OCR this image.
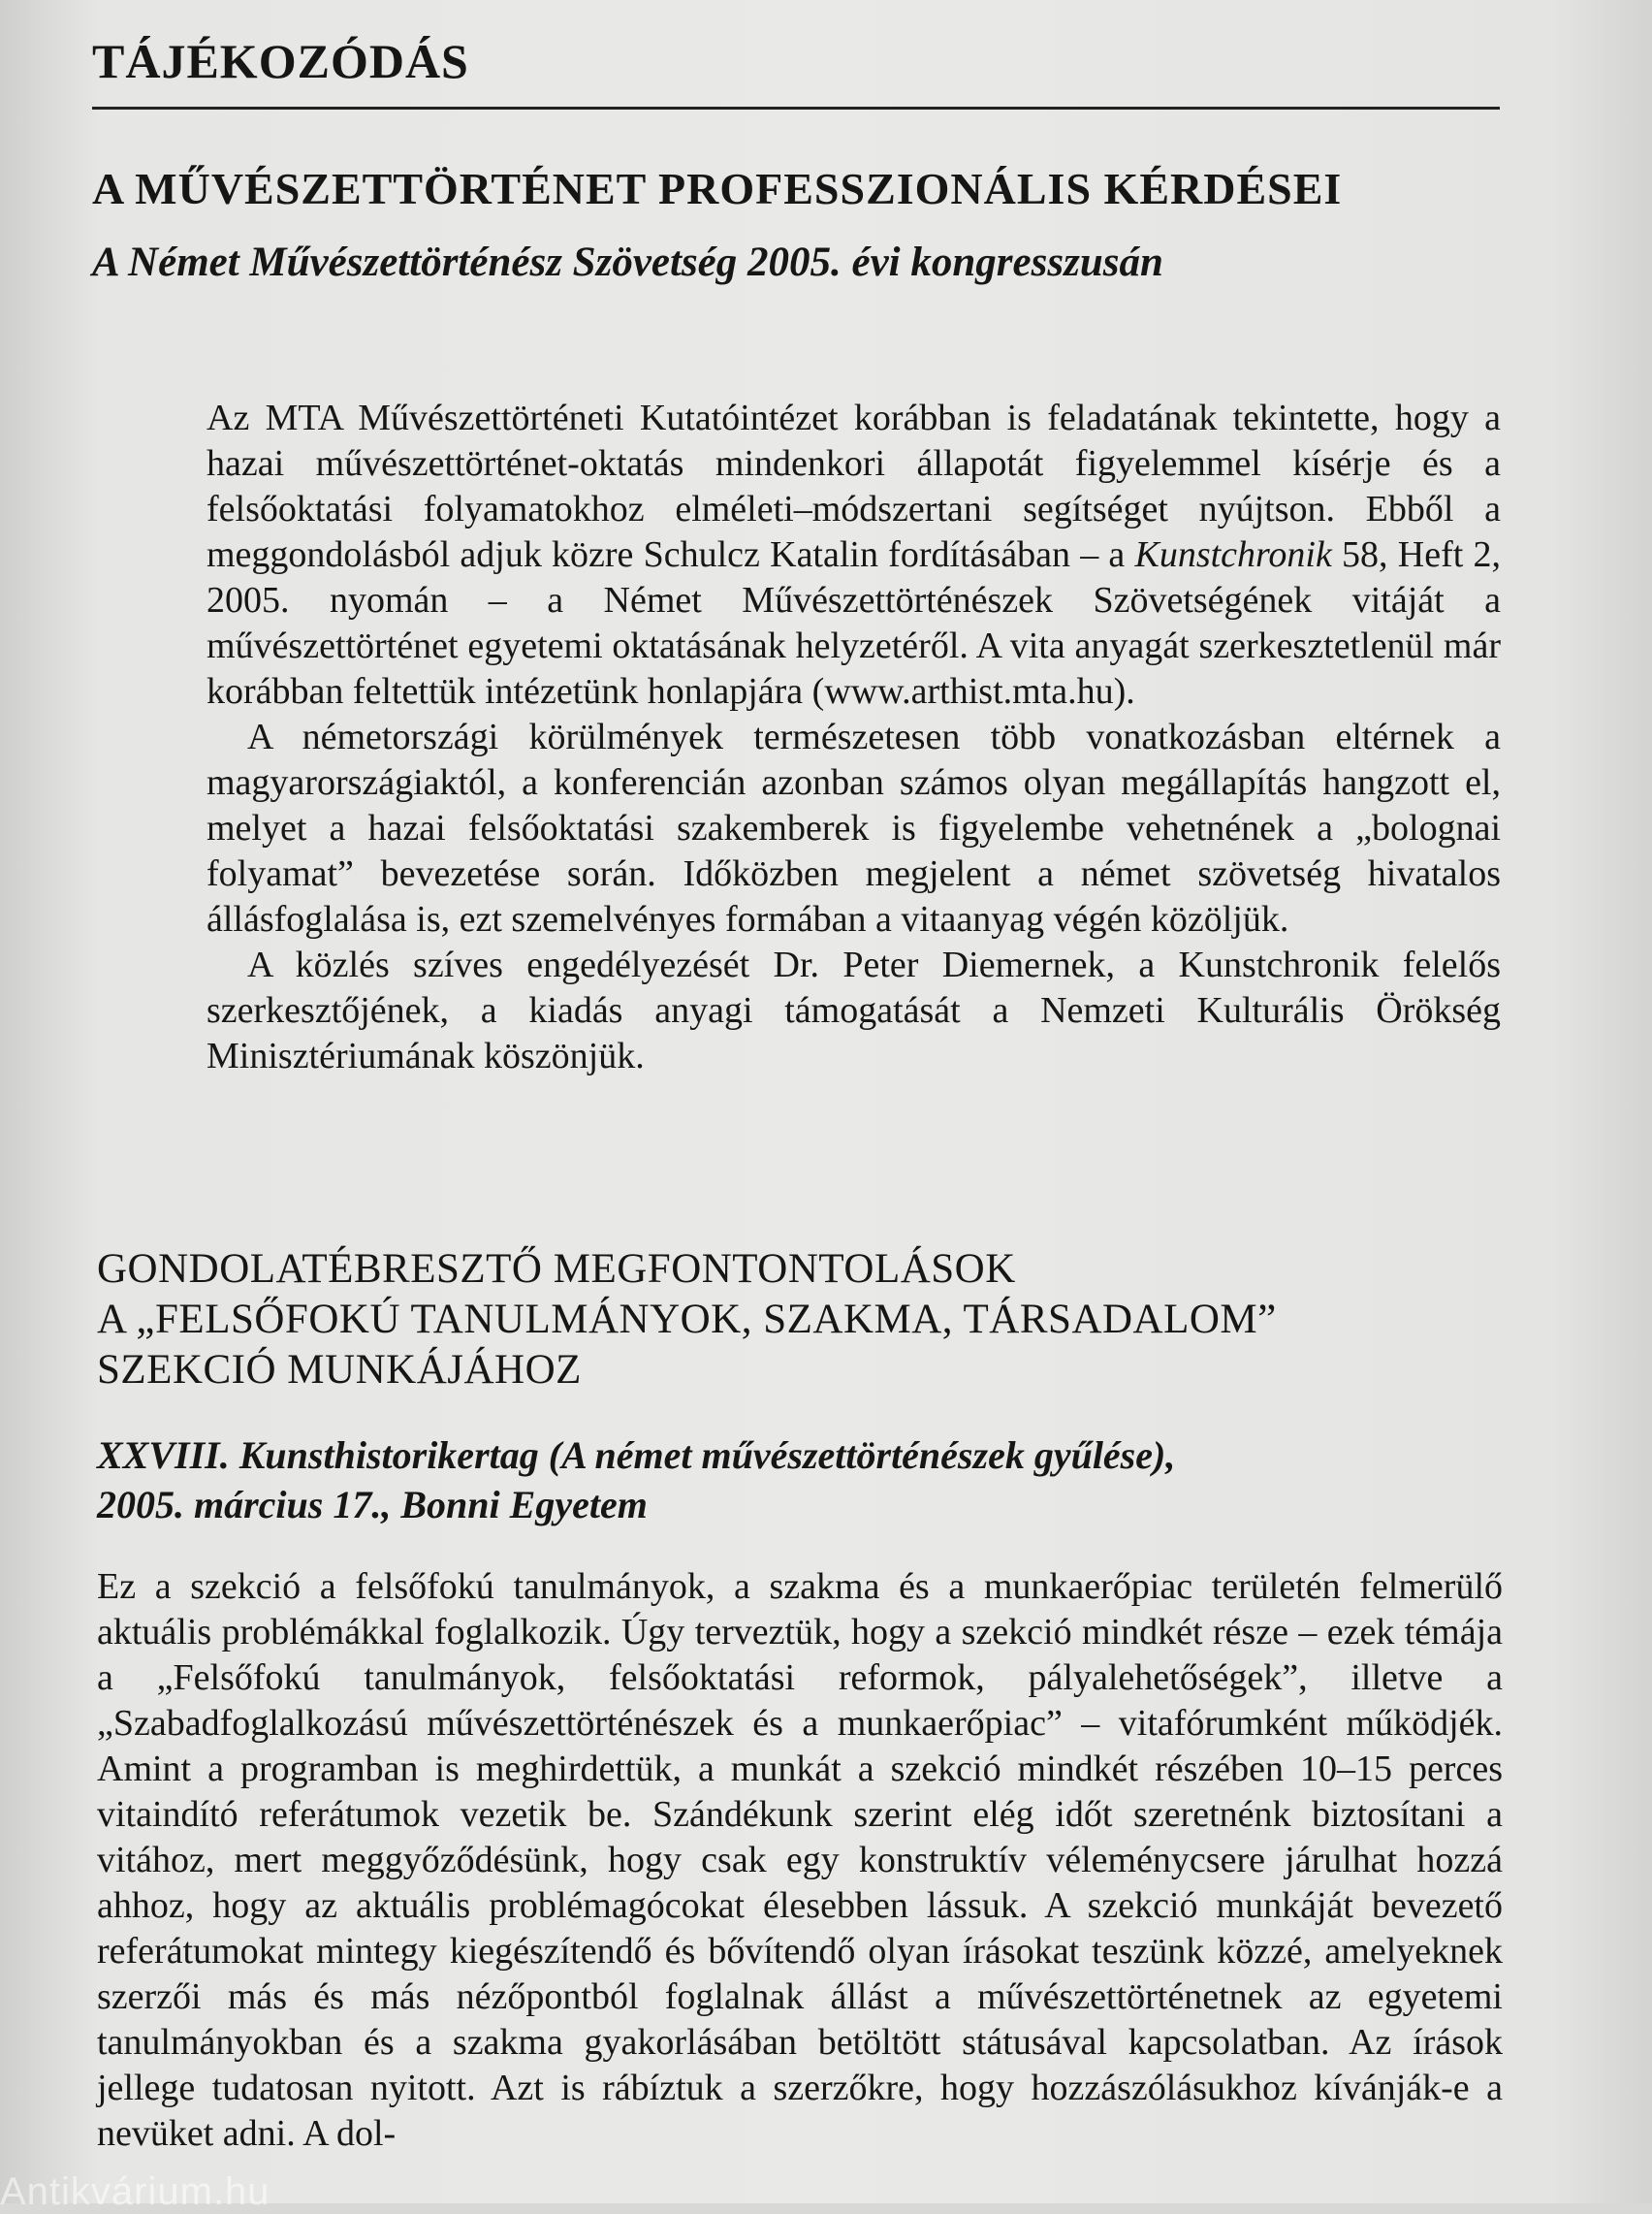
TÁJÉKOZÓDÁS
A MŰVÉSZETTÖRTÉNET PROFESSZIONÁLIS KÉRDÉSEI
A Német Művészettörténész Szövetség 2005. évi kongresszusán

Az MTA Művészettörténeti Kutatóintézet korábban is feladatának tekintette, hogy a hazai művészettörténet-oktatás mindenkori állapotát figyelemmel kísérje és a felsőoktatási folyamatokhoz elméleti–módszertani segítséget nyújtson. Ebből a meggondolásból adjuk közre Schulcz Katalin fordításában – a Kunstchronik 58, Heft 2, 2005. nyomán – a Német Művészettörténészek Szövetségének vitáját a művészettörténet egyetemi oktatásának helyzetéről. A vita anyagát szerkesztetlenül már korábban feltettük intézetünk honlapjára (www.arthist.mta.hu).

A németországi körülmények természetesen több vonatkozásban eltérnek a magyarországiaktól, a konferencián azonban számos olyan megállapítás hangzott el, melyet a hazai felsőoktatási szakemberek is figyelembe vehetnének a „bolognai folyamat” bevezetése során. Időközben megjelent a német szövetség hivatalos állásfoglalása is, ezt szemelvényes formában a vitaanyag végén közöljük.

A közlés szíves engedélyezését Dr. Peter Diemernek, a Kunstchronik felelős szerkesztőjének, a kiadás anyagi támogatását a Nemzeti Kulturális Örökség Minisztériumának köszönjük.

GONDOLATÉBRESZTŐ MEGFONTONTOLÁSOK
A „FELSŐFOKÚ TANULMÁNYOK, SZAKMA, TÁRSADALOM”
SZEKCIÓ MUNKÁJÁHOZ
XXVIII. Kunsthistorikertag (A német művészettörténészek gyűlése),
2005. március 17., Bonni Egyetem

Ez a szekció a felsőfokú tanulmányok, a szakma és a munkaerőpiac területén felmerülő aktuális problémákkal foglalkozik. Úgy terveztük, hogy a szekció mindkét része – ezek témája a „Felsőfokú tanulmányok, felsőoktatási reformok, pályalehetőségek”, illetve a „Szabadfoglalkozású művészettörténészek és a munkaerőpiac” – vitafórumként működjék. Amint a programban is meghirdettük, a munkát a szekció mindkét részében 10–15 perces vitaindító referátumok vezetik be. Szándékunk szerint elég időt szeretnénk biztosítani a vitához, mert meggyőződésünk, hogy csak egy konstruktív véleménycsere járulhat hozzá ahhoz, hogy az aktuális problémagócokat élesebben lássuk. A szekció munkáját bevezető referátumokat mintegy kiegészítendő és bővítendő olyan írásokat teszünk közzé, amelyeknek szerzői más és más nézőpontból foglalnak állást a művészettörténetnek az egyetemi tanulmányokban és a szakma gyakorlásában betöltött státusával kapcsolatban. Az írások jellege tudatosan nyitott. Azt is rábíztuk a szerzőkre, hogy hozzászólásukhoz kívánják-e a nevüket adni. A dol-

Antikvárium.hu
